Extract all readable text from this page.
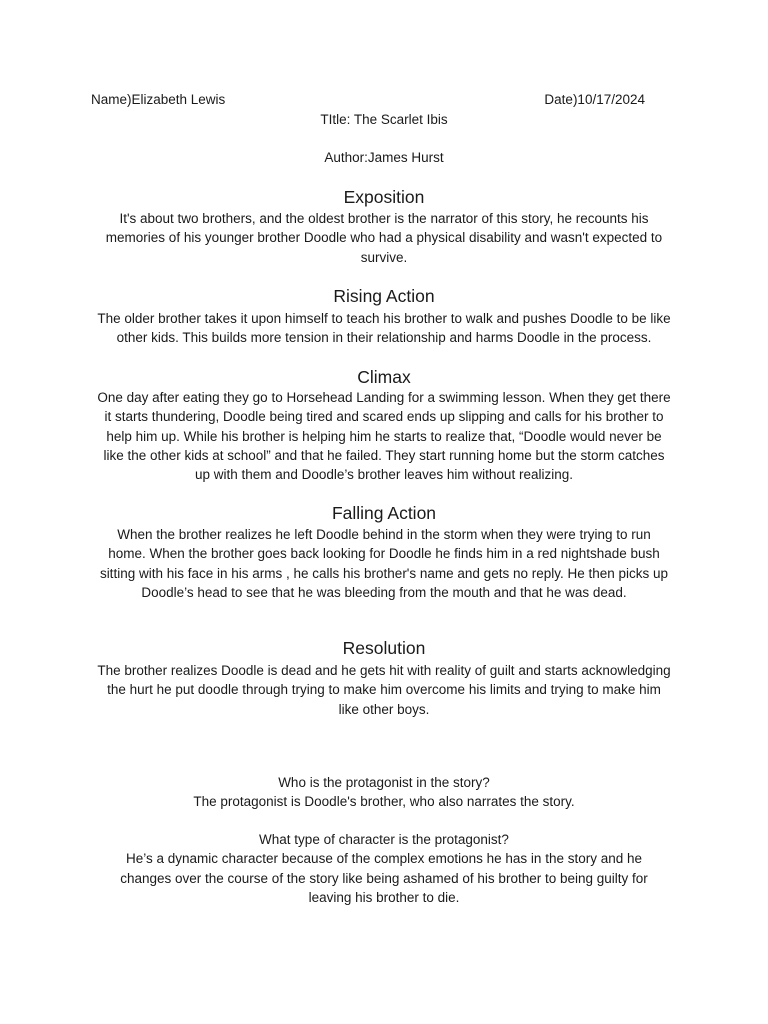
Name)Elizabeth Lewis	Date)10/17/2024
TItle: The Scarlet Ibis
Author:James Hurst
Exposition
It's about two brothers, and the oldest brother is the narrator of this story, he recounts his
memories of his younger brother Doodle who had a physical disability and wasn't expected to
survive.
Rising Action
The older brother takes it upon himself to teach his brother to walk and pushes Doodle to be like
other kids. This builds more tension in their relationship and harms Doodle in the process.
Climax
One day after eating they go to Horsehead Landing for a swimming lesson. When they get there
it starts thundering, Doodle being tired and scared ends up slipping and calls for his brother to
help him up. While his brother is helping him he starts to realize that, “Doodle would never be
like the other kids at school” and that he failed. They start running home but the storm catches
up with them and Doodle’s brother leaves him without realizing.
Falling Action
When the brother realizes he left Doodle behind in the storm when they were trying to run
home. When the brother goes back looking for Doodle he finds him in a red nightshade bush
sitting with his face in his arms , he calls his brother's name and gets no reply. He then picks up
Doodle’s head to see that he was bleeding from the mouth and that he was dead.
Resolution
The brother realizes Doodle is dead and he gets hit with reality of guilt and starts acknowledging
the hurt he put doodle through trying to make him overcome his limits and trying to make him
like other boys.
Who is the protagonist in the story?
The protagonist is Doodle's brother, who also narrates the story.
What type of character is the protagonist?
He’s a dynamic character because of the complex emotions he has in the story and he
changes over the course of the story like being ashamed of his brother to being guilty for
leaving his brother to die.
